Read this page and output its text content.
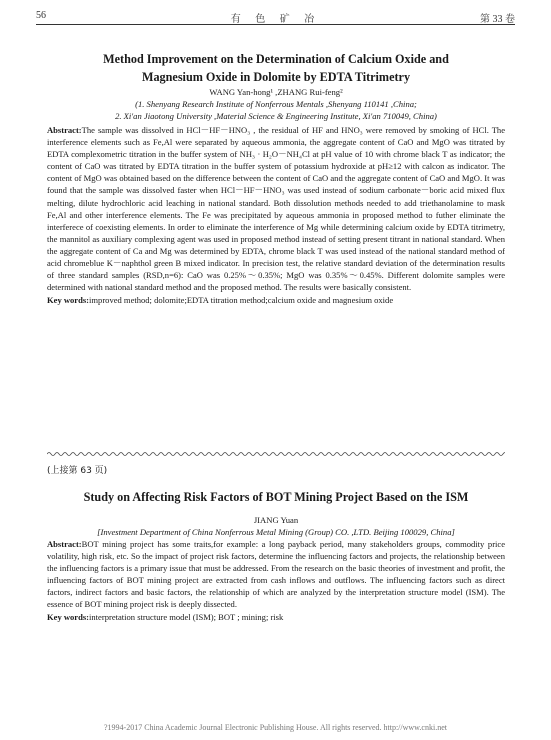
56	有 色 矿 冶	第 33 卷
Method Improvement on the Determination of Calcium Oxide and
Magnesium Oxide in Dolomite by EDTA Titrimetry
WANG Yan-hong¹ ,ZHANG Rui-feng²
(1. Shenyang Research Institute of Nonferrous Mentals ,Shenyang 110141 ,China;
2. Xi'an Jiaotong University ,Material Science & Engineering Institute, Xi'an 710049, China)

Abstract:The sample was dissolved in HCl－HF－HNO₃ , the residual of HF and HNO₃ were removed by smoking of HCl. The interference elements such as Fe,Al were separated by aqueous ammonia, the aggregate content of CaO and MgO was titrated by EDTA complexometric titration in the buffer system of NH₃ · H₂O－NH₄Cl at pH value of 10 with chrome black T as indicator; the content of CaO was titrated by EDTA titration in the buffer system of potassium hydroxide at pH≥12 with calcon as indicator. The content of MgO was obtained based on the difference between the content of CaO and the aggregate content of CaO and MgO. It was found that the sample was dissolved faster when HCl－HF－HNO₃ was used instead of sodium carbonate－boric acid mixed flux melting, dilute hydrochloric acid leaching in national standard. Both dissolution methods needed to add triethanolamine to mask Fe,Al and other interference elements. The Fe was precipitated by aqueous ammonia in proposed method to futher eliminate the interferece of coexisting elements. In order to eliminate the interference of Mg while determining calcium oxide by EDTA titrimetry, the mannitol as auxiliary complexing agent was used in proposed method instead of setting present titrant in national standard. When the aggregate content of Ca and Mg was determined by EDTA, chrome black T was used instead of the national standard method of acid chromeblue K－naphthol green B mixed indicator. In precision test, the relative standard deviation of the determination results of three standard samples (RSD,n=6): CaO was 0.25%～0.35%; MgO was 0.35%～0.45%. Different dolomite samples were determined with national standard method and the proposed method. The results were basically consistent.

Key words:improved method; dolomite;EDTA titration method;calcium oxide and magnesium oxide

(上接第 63 页)
Study on Affecting Risk Factors of BOT Mining Project Based on the ISM
JIANG Yuan
[Investment Department of China Nonferrous Metal Mining (Group) CO. ,LTD. Beijing 100029, China]

Abstract:BOT mining project has some traits,for example: a long payback period, many stakeholders groups, commodity price volatility, high risk, etc. So the impact of project risk factors, determine the influencing factors and projects, the relationship between the influencing factors is a primary issue that must be addressed. From the research on the basic theories of investment and profit, the influencing factors of BOT mining project are extracted from cash inflows and outflows. The influencing factors such as direct factors, indirect factors and basic factors, the relationship of which are analyzed by the interpretation structure model (ISM). The essence of BOT mining project risk is deeply dissected.

Key words:interpretation structure model (ISM); BOT ; mining; risk

?1994-2017 China Academic Journal Electronic Publishing House. All rights reserved. http://www.cnki.net
